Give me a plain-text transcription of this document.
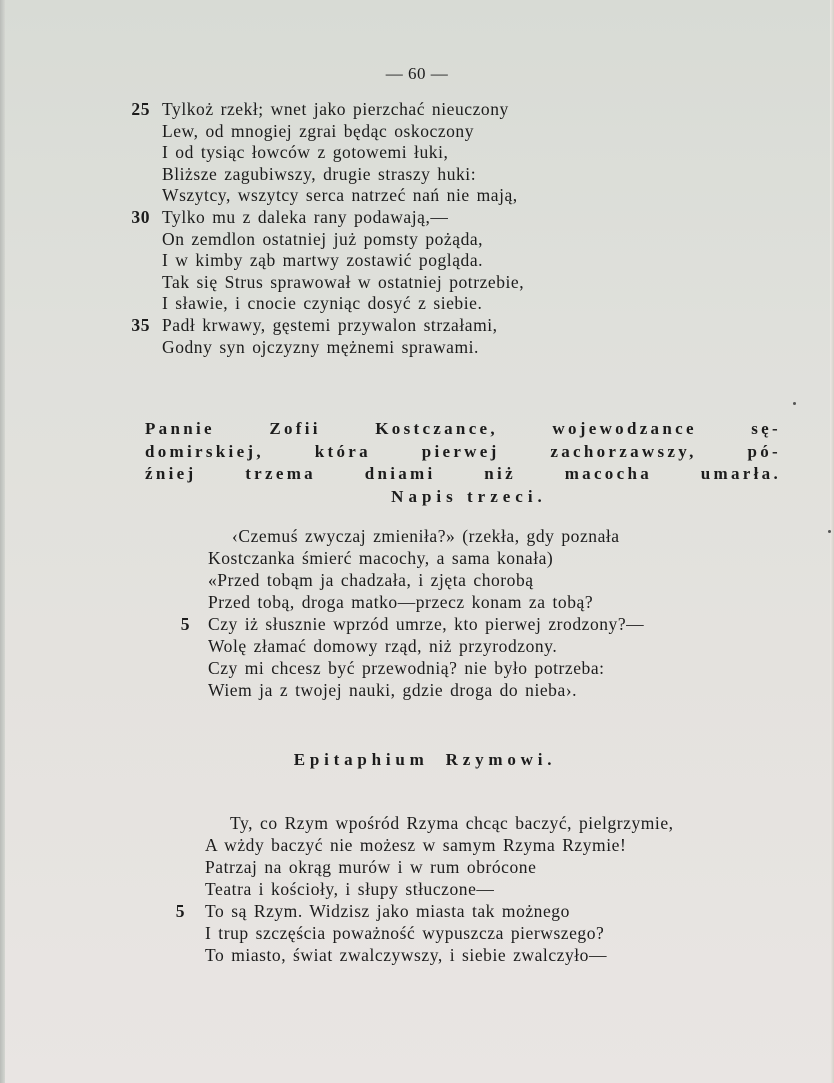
— 60 —
25 Tylkoż rzekł; wnet jako pierzchać nieuczony
Lew, od mnogiej zgrai będąc oskoczony
I od tysiąc łowców z gotowemi łuki,
Bliższe zagubiwszy, drugie straszy huki:
Wszytcy, wszytcy serca natrzeć nań nie mają,
30 Tylko mu z daleka rany podawają,—
On zemdlon ostatniej już pomsty pożąda,
I w kimby ząb martwy zostawić pogląda.
Tak się Strus sprawował w ostatniej potrzebie,
I sławie, i cnocie czyniąc dosyć z siebie.
35 Padł krwawy, gęstemi przywalon strzałami,
Godny syn ojczyzny mężnemi sprawami.
Pannie Zofii Kostczance, wojewodzance sę-
domirskiej, która pierwej zachorzawszy, pó-
źniej trzema dniami niż macocha umarła.
Napis trzeci.
‹Czemuś zwyczaj zmieniła?» (rzekła, gdy poznała
Kostczanka śmierć macochy, a sama konała)
«Przed tobąm ja chadzała, i zjęta chorobą
Przed tobą, droga matko—przecz konam za tobą?
5 Czy iż słusznie wprzód umrze, kto pierwej zrodzony?—
Wolę złamać domowy rząd, niż przyrodzony.
Czy mi chcesz być przewodnią? nie było potrzeba:
Wiem ja z twojej nauki, gdzie droga do nieba›.
Epitaphium Rzymowi.
Ty, co Rzym wpośród Rzyma chcąc baczyć, pielgrzymie,
A wżdy baczyć nie możesz w samym Rzyma Rzymie!
Patrzaj na okrąg murów i w rum obrócone
Teatra i kościoły, i słupy stłuczone—
5 To są Rzym. Widzisz jako miasta tak możnego
I trup szczęścia poważność wypuszcza pierwszego?
To miasto, świat zwalczywszy, i siebie zwalczyło—
